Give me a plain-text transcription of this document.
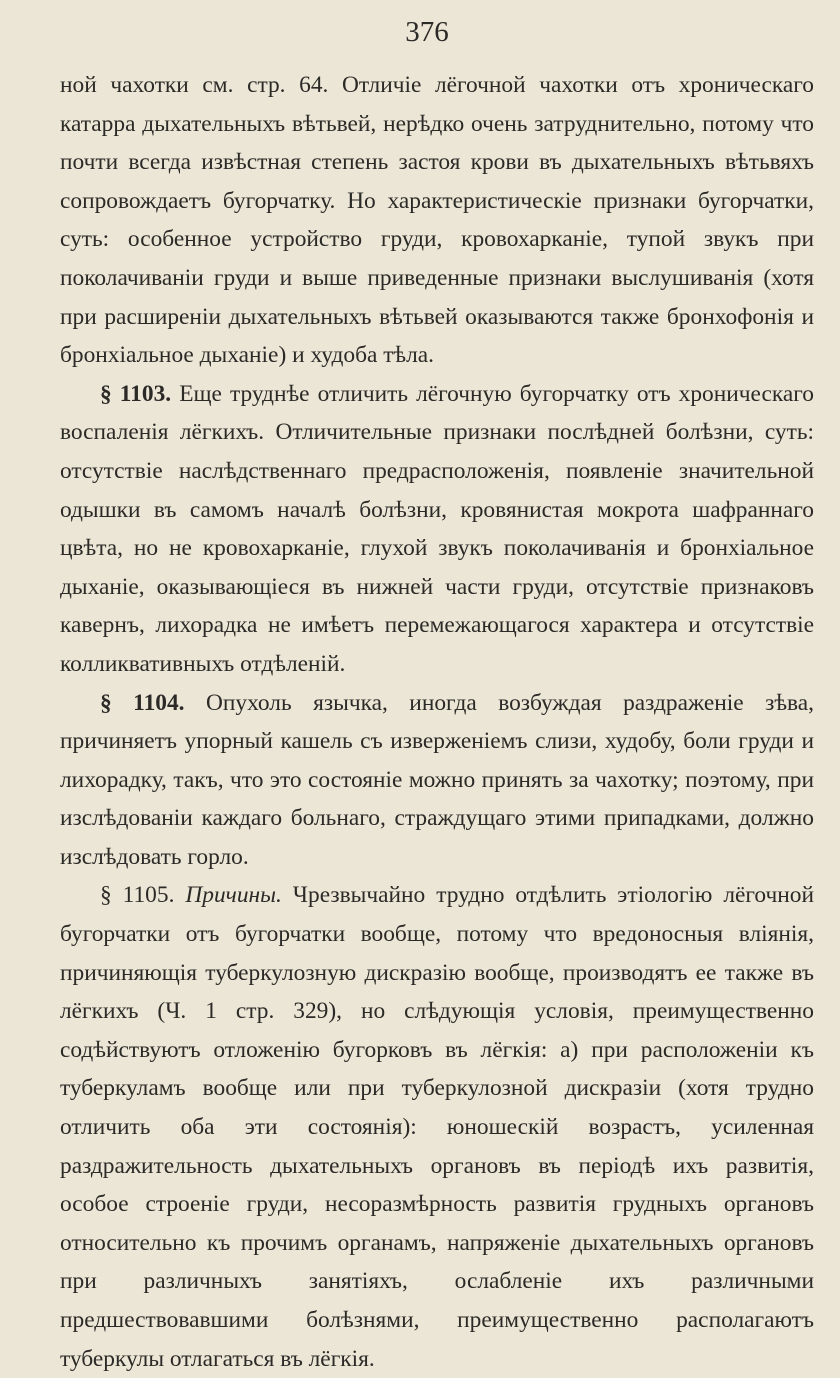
376

ной чахотки см. стр. 64. Отличіе лёгочной чахотки отъ хроническаго катарра дыхательныхъ вѣтьвей, нерѣдко очень затруднительно, потому что почти всегда извѣстная степень застоя крови въ дыхательныхъ вѣтьвяхъ сопровождаетъ бугорчатку. Но характеристическіе признаки бугорчатки, суть: особенное устройство груди, кровохарканіе, тупой звукъ при поколачиваніи груди и выше приведенные признаки выслушиванія (хотя при расширеніи дыхательныхъ вѣтьвей оказываются также бронхофонія и бронхіальное дыханіе) и худоба тѣла.

§ 1103. Еще труднѣе отличить лёгочную бугорчатку отъ хроническаго воспаленія лёгкихъ. Отличительные признаки послѣдней болѣзни, суть: отсутствіе наслѣдственнаго предрасположенія, появленіе значительной одышки въ самомъ началѣ болѣзни, кровянистая мокрота шафраннаго цвѣта, но не кровохарканіе, глухой звукъ поколачиванія и бронхіальное дыханіе, оказывающіеся въ нижней части груди, отсутствіе признаковъ кавернъ, лихорадка не имѣетъ перемежающагося характера и отсутствіе колликвативныхъ отдѣленій.

§ 1104. Опухоль язычка, иногда возбуждая раздраженіе зѣва, причиняетъ упорный кашель съ изверженіемъ слизи, худобу, боли груди и лихорадку, такъ, что это состояніе можно принять за чахотку; поэтому, при изслѣдованіи каждаго больнаго, страждущаго этими припадками, должно изслѣдовать горло.

§ 1105. Причины. Чрезвычайно трудно отдѣлить этіологію лёгочной бугорчатки отъ бугорчатки вообще, потому что вредоносныя вліянія, причиняющія туберкулозную дискразію вообще, производятъ ее также въ лёгкихъ (Ч. 1 стр. 329), но слѣдующія условія, преимущественно содѣйствуютъ отложенію бугорковъ въ лёгкія: a) при расположеніи къ туберкуламъ вообще или при туберкулозной дискразіи (хотя трудно отличить оба эти состоянія): юношескій возрастъ, усиленная раздражительность дыхательныхъ органовъ въ періодѣ ихъ развитія, особое строеніе груди, несоразмѣрность развитія грудныхъ органовъ относительно къ прочимъ органамъ, напряженіе дыхательныхъ органовъ при различныхъ занятіяхъ, ослабленіе ихъ различными предшествовавшими болѣзнями, преимущественно располагаютъ туберкулы отлагаться въ лёгкія.
